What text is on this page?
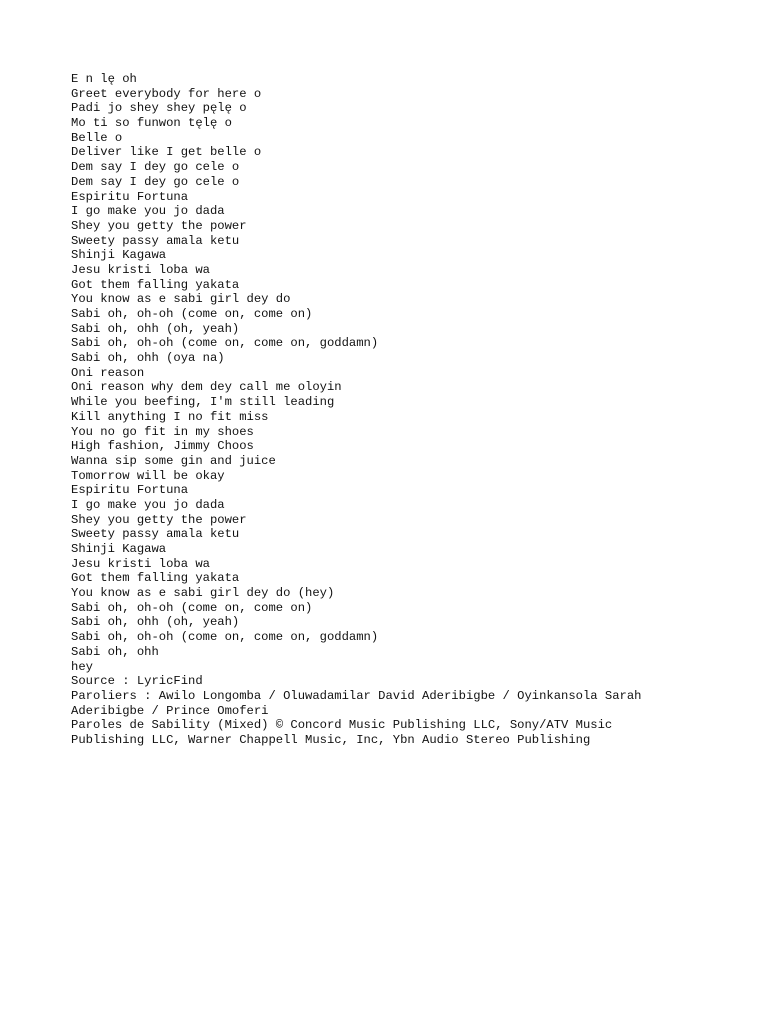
E n lę oh
Greet everybody for here o
Padi jo shey shey pęlę o
Mo ti so funwon tęlę o
Belle o
Deliver like I get belle o
Dem say I dey go cele o
Dem say I dey go cele o
Espiritu Fortuna
I go make you jo dada
Shey you getty the power
Sweety passy amala ketu
Shinji Kagawa
Jesu kristi loba wa
Got them falling yakata
You know as e sabi girl dey do
Sabi oh, oh-oh (come on, come on)
Sabi oh, ohh (oh, yeah)
Sabi oh, oh-oh (come on, come on, goddamn)
Sabi oh, ohh (oya na)
Oni reason
Oni reason why dem dey call me oloyin
While you beefing, I'm still leading
Kill anything I no fit miss
You no go fit in my shoes
High fashion, Jimmy Choos
Wanna sip some gin and juice
Tomorrow will be okay
Espiritu Fortuna
I go make you jo dada
Shey you getty the power
Sweety passy amala ketu
Shinji Kagawa
Jesu kristi loba wa
Got them falling yakata
You know as e sabi girl dey do (hey)
Sabi oh, oh-oh (come on, come on)
Sabi oh, ohh (oh, yeah)
Sabi oh, oh-oh (come on, come on, goddamn)
Sabi oh, ohh
hey
Source : LyricFind
Paroliers : Awilo Longomba / Oluwadamilar David Aderibigbe / Oyinkansola Sarah
Aderibigbe / Prince Omoferi
Paroles de Sability (Mixed) © Concord Music Publishing LLC, Sony/ATV Music
Publishing LLC, Warner Chappell Music, Inc, Ybn Audio Stereo Publishing
